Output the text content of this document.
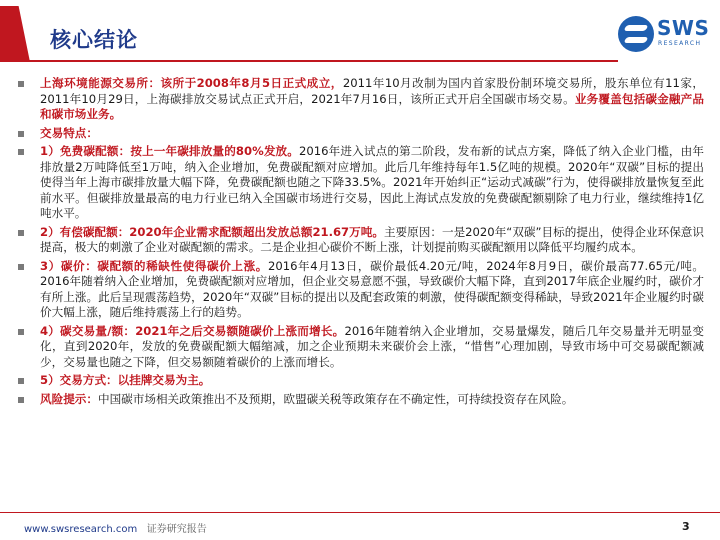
核心结论	SWS
RESEARCH
上海环境能源交易所：该所于2008年8月5日正式成立，2011年10月改制为国内首家股份制环境交易所，股东单位有11家，2011年10月29日，上海碳排放交易试点正式开启，2021年7月16日，该所正式开启全国碳市场交易。业务覆盖包括碳金融产品和碳市场业务。
交易特点：
1）免费碳配额：按上一年碳排放量的80%发放。2016年进入试点的第二阶段，发布新的试点方案，降低了纳入企业门槛，由年排放量2万吨降低至1万吨，纳入企业增加，免费碳配额对应增加。此后几年维持每年1.5亿吨的规模。2020年“双碳”目标的提出使得当年上海市碳排放量大幅下降，免费碳配额也随之下降33.5%。2021年开始纠正“运动式减碳”行为，使得碳排放量恢复至此前水平。但碳排放量最高的电力行业已纳入全国碳市场进行交易，因此上海试点发放的免费碳配额剔除了电力行业，继续维持1亿吨水平。
2）有偿碳配额：2020年企业需求配额超出发放总额21.67万吨。主要原因：一是2020年“双碳”目标的提出，使得企业环保意识提高，极大的刺激了企业对碳配额的需求。二是企业担心碳价不断上涨，计划提前购买碳配额用以降低平均履约成本。
3）碳价：碳配额的稀缺性使得碳价上涨。2016年4月13日，碳价最低4.20元/吨，2024年8月9日，碳价最高77.65元/吨。2016年随着纳入企业增加，免费碳配额对应增加，但企业交易意愿不强，导致碳价大幅下降，直到2017年底企业履约时，碳价才有所上涨。此后呈现震荡趋势，2020年“双碳”目标的提出以及配套政策的刺激，使得碳配额变得稀缺，导致2021年企业履约时碳价大幅上涨，随后维持震荡上行的趋势。
4）碳交易量/额：2021年之后交易额随碳价上涨而增长。2016年随着纳入企业增加，交易量爆发，随后几年交易量并无明显变化，直到2020年，发放的免费碳配额大幅缩减，加之企业预期未来碳价会上涨，“惜售”心理加剧，导致市场中可交易碳配额减少，交易量也随之下降，但交易额随着碳价的上涨而增长。
5）交易方式：以挂牌交易为主。
风险提示：中国碳市场相关政策推出不及预期，欧盟碳关税等政策存在不确定性，可持续投资存在风险。
www.swsresearch.com 证券研究报告	3
